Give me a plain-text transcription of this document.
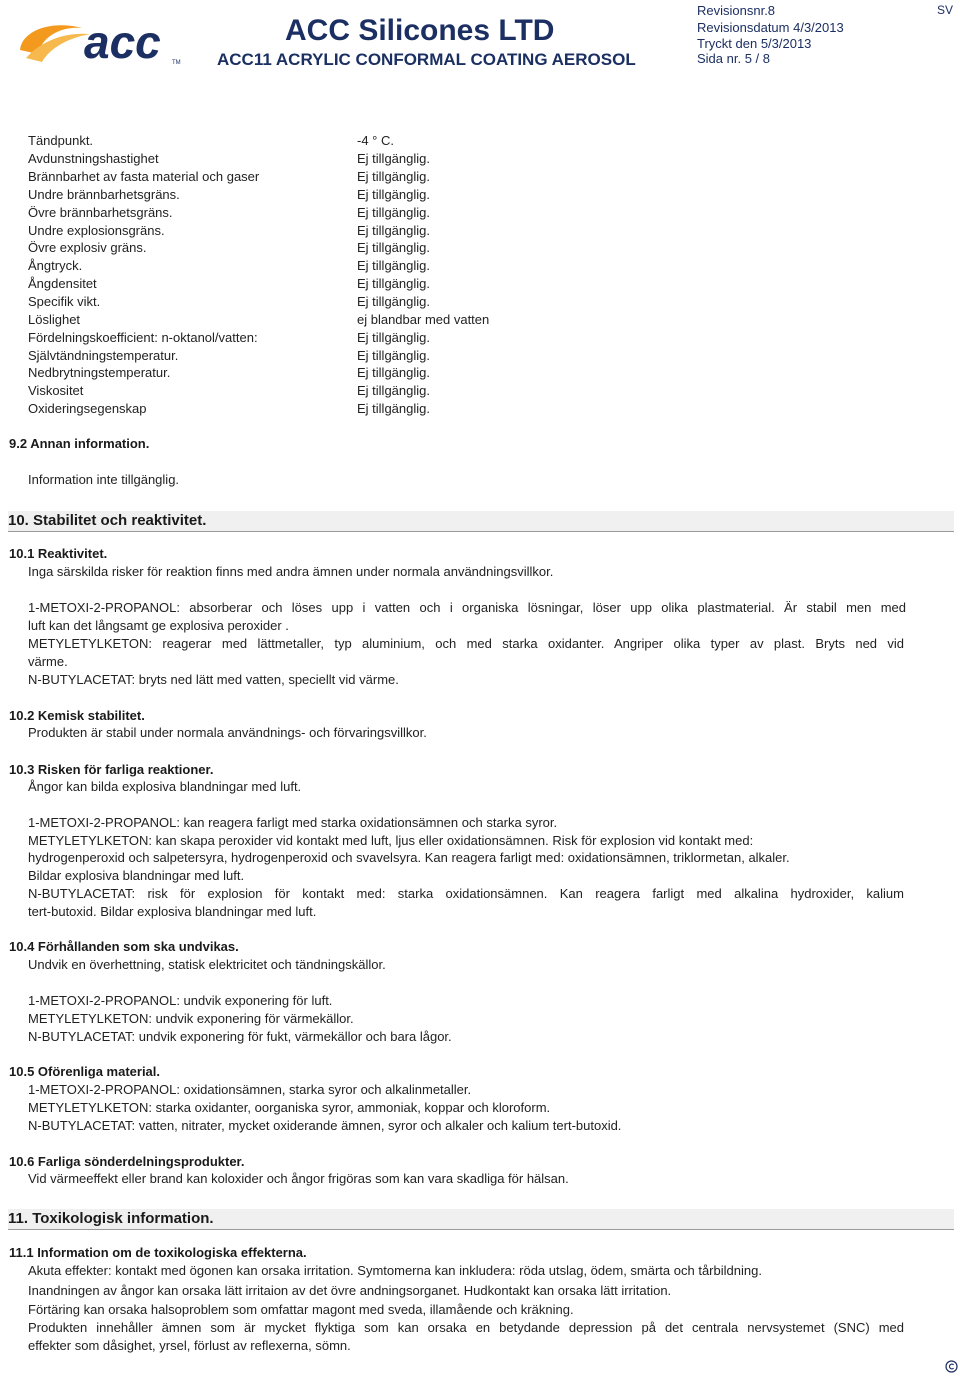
acc TM
ACC Silicones LTD
ACC11 ACRYLIC CONFORMAL COATING AEROSOL
Revisionsnr.8
Revisionsdatum 4/3/2013
Tryckt den 5/3/2013
Sida nr. 5 / 8
SV
Tändpunkt.	-4 ° C.
Avdunstningshastighet	Ej tillgänglig.
Brännbarhet av fasta material och gaser	Ej tillgänglig.
Undre brännbarhetsgräns.	Ej tillgänglig.
Övre brännbarhetsgräns.	Ej tillgänglig.
Undre explosionsgräns.	Ej tillgänglig.
Övre explosiv gräns.	Ej tillgänglig.
Ångtryck.	Ej tillgänglig.
Ångdensitet	Ej tillgänglig.
Specifik vikt.	Ej tillgänglig.
Löslighet	ej blandbar med vatten
Fördelningskoefficient: n-oktanol/vatten:	Ej tillgänglig.
Självtändningstemperatur.	Ej tillgänglig.
Nedbrytningstemperatur.	Ej tillgänglig.
Viskositet	Ej tillgänglig.
Oxideringsegenskap	Ej tillgänglig.
9.2 Annan information.
Information inte tillgänglig.
10. Stabilitet och reaktivitet.
10.1 Reaktivitet.
Inga särskilda risker för reaktion finns med andra ämnen under normala användningsvillkor.
1-METOXI-2-PROPANOL: absorberar och löses upp i vatten och i organiska lösningar, löser upp olika plastmaterial. Är stabil men med
luft kan det långsamt ge explosiva peroxider .
METYLETYLKETON: reagerar med lättmetaller, typ aluminium, och med starka oxidanter. Angriper olika typer av plast. Bryts ned vid
värme.
N-BUTYLACETAT: bryts ned lätt med vatten, speciellt vid värme.
10.2 Kemisk stabilitet.
Produkten är stabil under normala användnings- och förvaringsvillkor.
10.3 Risken för farliga reaktioner.
Ångor kan bilda explosiva blandningar med luft.
1-METOXI-2-PROPANOL: kan reagera farligt med starka oxidationsämnen och starka syror.
METYLETYLKETON: kan skapa peroxider vid kontakt med luft, ljus eller oxidationsämnen. Risk för explosion vid kontakt med:
hydrogenperoxid och salpetersyra, hydrogenperoxid och svavelsyra. Kan reagera farligt med: oxidationsämnen, triklormetan, alkaler.
Bildar explosiva blandningar med luft.
N-BUTYLACETAT: risk för explosion för kontakt med: starka oxidationsämnen. Kan reagera farligt med alkalina hydroxider, kalium
tert-butoxid. Bildar explosiva blandningar med luft.
10.4 Förhållanden som ska undvikas.
Undvik en överhettning, statisk elektricitet och tändningskällor.
1-METOXI-2-PROPANOL: undvik exponering för luft.
METYLETYLKETON: undvik exponering för värmekällor.
N-BUTYLACETAT: undvik exponering för fukt, värmekällor och bara lågor.
10.5 Oförenliga material.
1-METOXI-2-PROPANOL: oxidationsämnen, starka syror och alkalinmetaller.
METYLETYLKETON: starka oxidanter, oorganiska syror, ammoniak, koppar och kloroform.
N-BUTYLACETAT: vatten, nitrater, mycket oxiderande ämnen, syror och alkaler och kalium tert-butoxid.
10.6 Farliga sönderdelningsprodukter.
Vid värmeeffekt eller brand kan koloxider och ångor frigöras som kan vara skadliga för hälsan.
11. Toxikologisk information.
11.1 Information om de toxikologiska effekterna.
Akuta effekter: kontakt med ögonen kan orsaka irritation. Symtomerna kan inkludera: röda utslag, ödem, smärta och tårbildning.
Inandningen av ångor kan orsaka lätt irritaion av det övre andningsorganet. Hudkontakt kan orsaka lätt irritation.
Förtäring kan orsaka halsoproblem som omfattar magont med sveda, illamående och kräkning.
Produkten innehåller ämnen som är mycket flyktiga som kan orsaka en betydande depression på det centrala nervsystemet (SNC) med
effekter som dåsighet, yrsel, förlust av reflexerna, sömn.
